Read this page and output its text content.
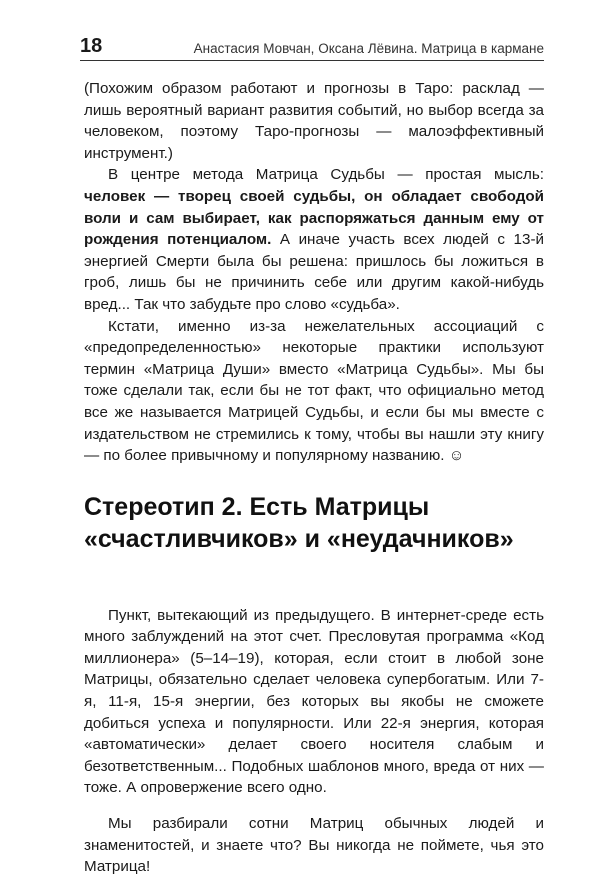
18	Анастасия Мовчан, Оксана Лёвина. Матрица в кармане

(Похожим образом работают и прогнозы в Таро: расклад — лишь вероятный вариант развития событий, но выбор всегда за человеком, поэтому Таро-прогнозы — малоэффективный инструмент.)

В центре метода Матрица Судьбы — простая мысль: человек — творец своей судьбы, он обладает свободой воли и сам выбирает, как распоряжаться данным ему от рождения потенциалом. А иначе участь всех людей с 13-й энергией Смерти была бы решена: пришлось бы ложиться в гроб, лишь бы не причинить себе или другим какой-нибудь вред... Так что забудьте про слово «судьба».

Кстати, именно из-за нежелательных ассоциаций с «предопределенностью» некоторые практики используют термин «Матрица Души» вместо «Матрица Судьбы». Мы бы тоже сделали так, если бы не тот факт, что официально метод все же называется Матрицей Судьбы, и если бы мы вместе с издательством не стремились к тому, чтобы вы нашли эту книгу — по более привычному и популярному названию. ☺

Стереотип 2. Есть Матрицы
«счастливчиков» и «неудачников»

Пункт, вытекающий из предыдущего. В интернет-среде есть много заблуждений на этот счет. Пресловутая программа «Код миллионера» (5–14–19), которая, если стоит в любой зоне Матрицы, обязательно сделает человека супербогатым. Или 7-я, 11-я, 15-я энергии, без которых вы якобы не сможете добиться успеха и популярности. Или 22-я энергия, которая «автоматически» делает своего носителя слабым и безответственным... Подобных шаблонов много, вреда от них — тоже. А опровержение всего одно.

Мы разбирали сотни Матриц обычных людей и знаменитостей, и знаете что? Вы никогда не поймете, чья это Матрица!
